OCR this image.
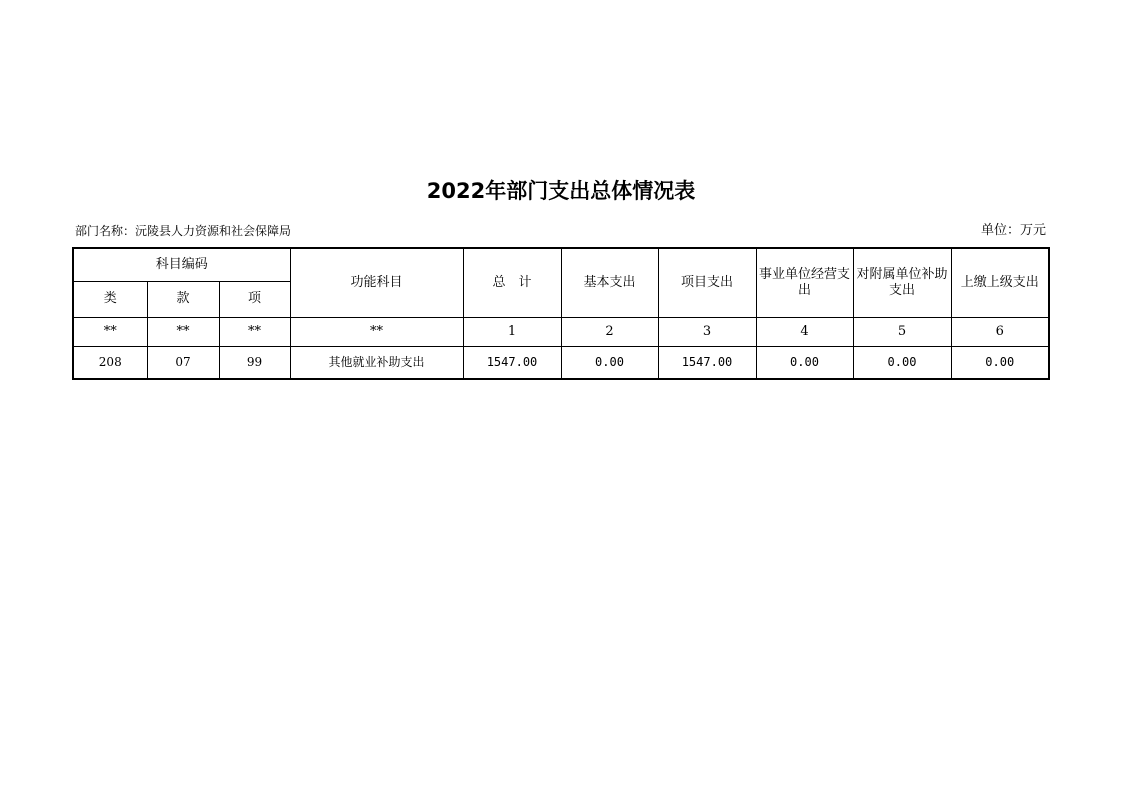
2022年部门支出总体情况表
部门名称：沅陵县人力资源和社会保障局	单位：万元
科目编码			功能科目	总　计	基本支出	项目支出	事业单位经营支出	对附属单位补助支出	上缴上级支出
类	款	项							
**	**	**	**	1	2	3	4	5	6
208	07	99	其他就业补助支出	1547.00	0.00	1547.00	0.00	0.00	0.00
